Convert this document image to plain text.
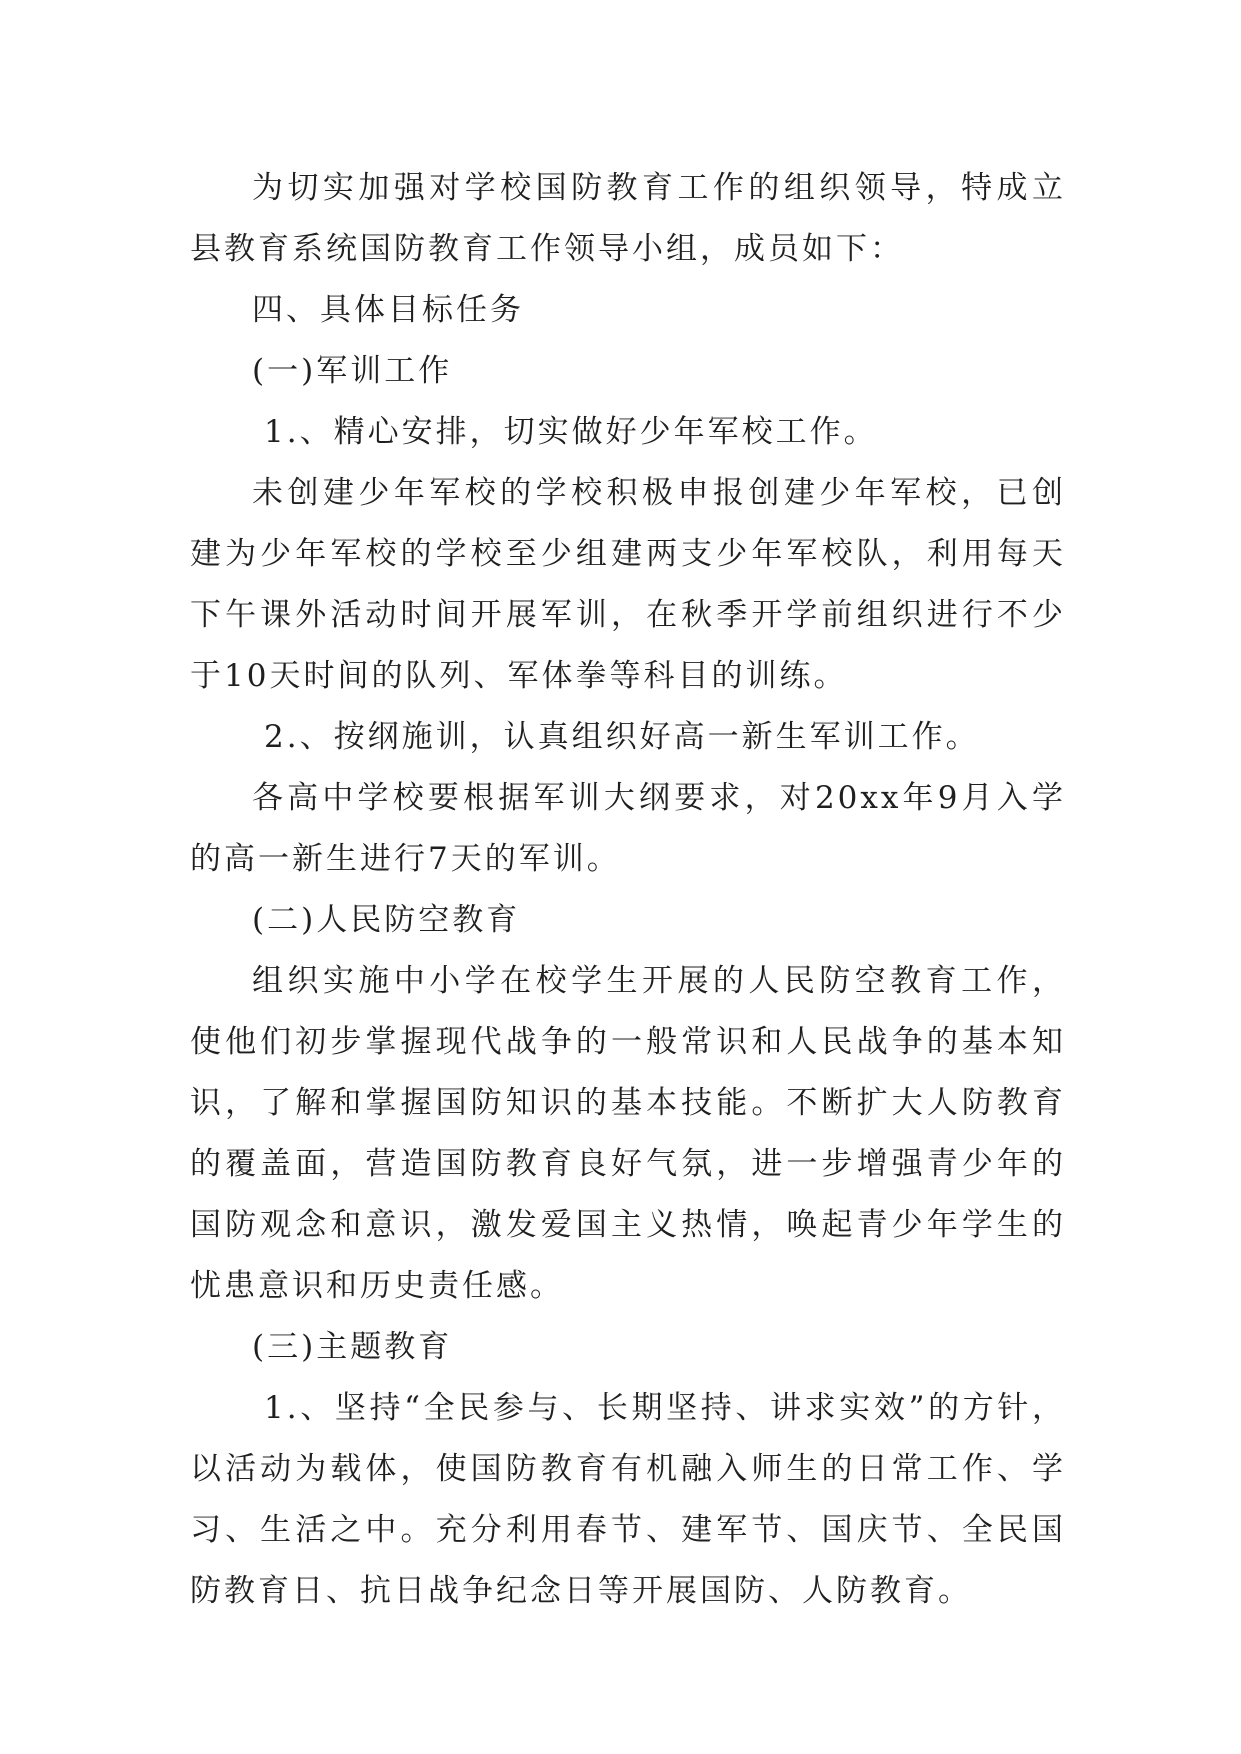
为切实加强对学校国防教育工作的组织领导，特成立县教育系统国防教育工作领导小组，成员如下：

四、具体目标任务

(一)军训工作

1.、精心安排，切实做好少年军校工作。

未创建少年军校的学校积极申报创建少年军校，已创建为少年军校的学校至少组建两支少年军校队，利用每天下午课外活动时间开展军训，在秋季开学前组织进行不少于10天时间的队列、军体拳等科目的训练。

2.、按纲施训，认真组织好高一新生军训工作。

各高中学校要根据军训大纲要求，对20xx年9月入学的高一新生进行7天的军训。

(二)人民防空教育

组织实施中小学在校学生开展的人民防空教育工作，使他们初步掌握现代战争的一般常识和人民战争的基本知识，了解和掌握国防知识的基本技能。不断扩大人防教育的覆盖面，营造国防教育良好气氛，进一步增强青少年的国防观念和意识，激发爱国主义热情，唤起青少年学生的忧患意识和历史责任感。

(三)主题教育

1.、坚持“全民参与、长期坚持、讲求实效”的方针，以活动为载体，使国防教育有机融入师生的日常工作、学习、生活之中。充分利用春节、建军节、国庆节、全民国防教育日、抗日战争纪念日等开展国防、人防教育。
